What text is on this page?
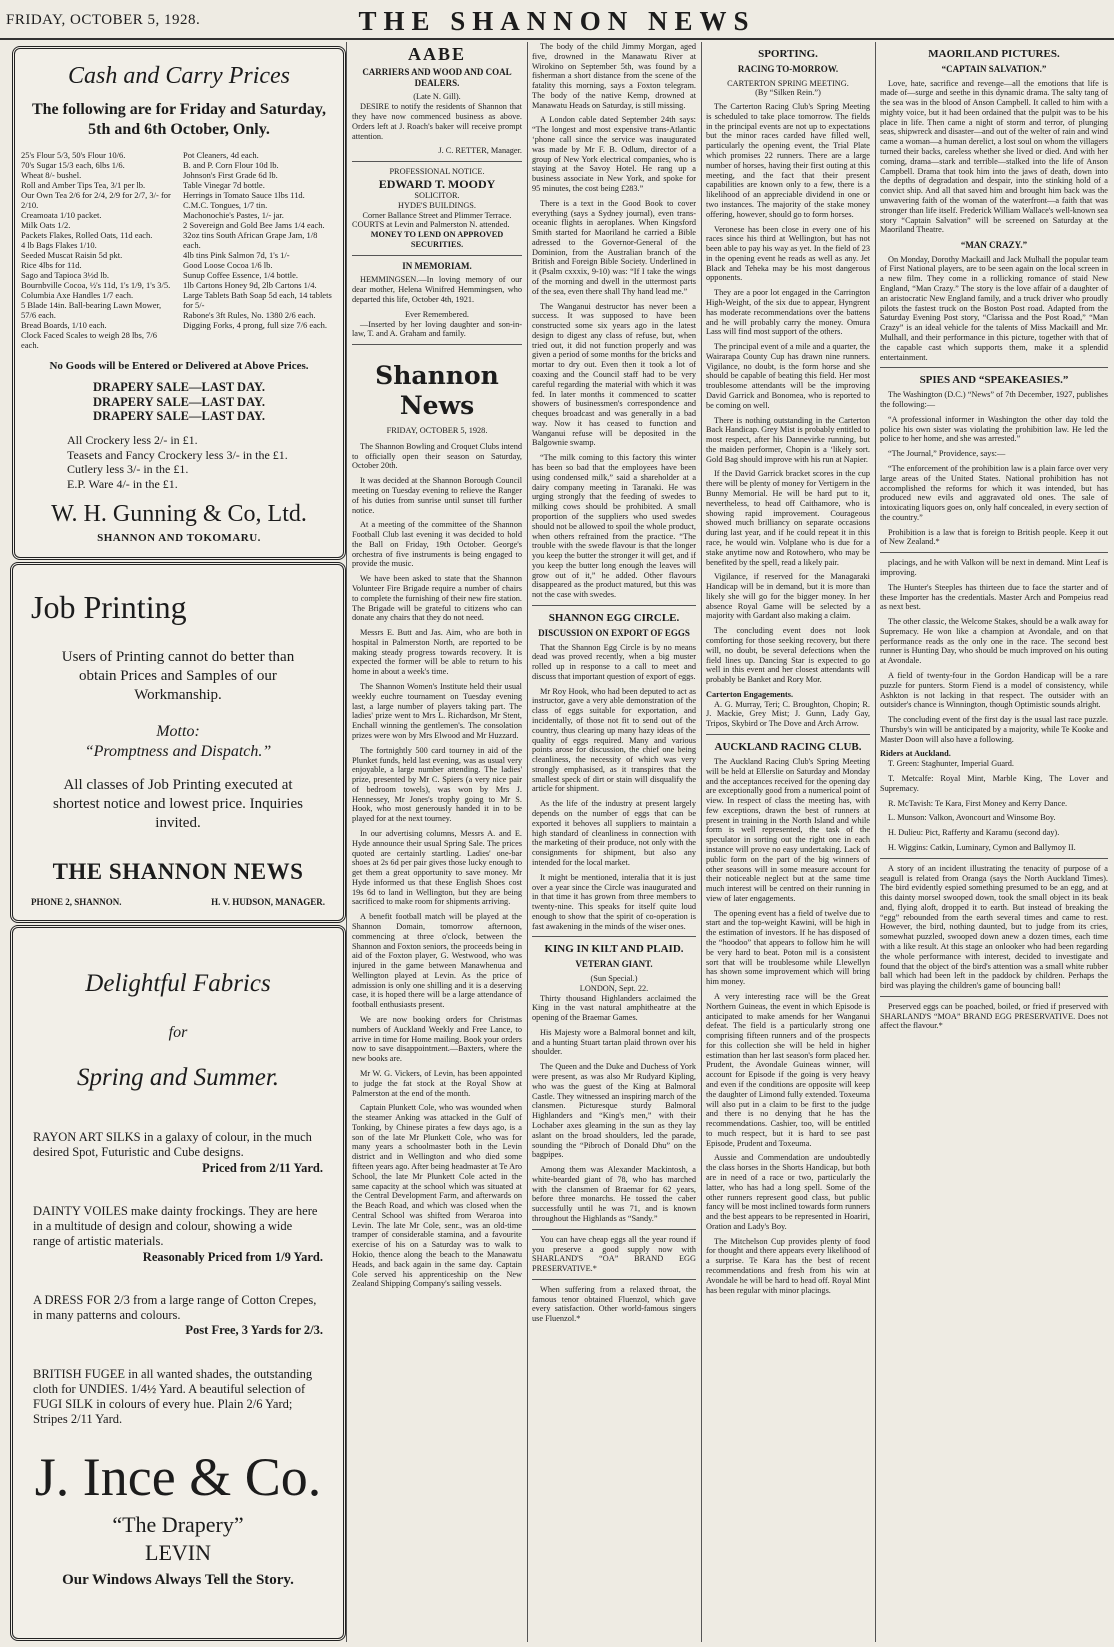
FRIDAY, OCTOBER 5, 1928.	THE SHANNON NEWS
Cash and Carry Prices
The following are for Friday and Saturday, 5th and 6th October, Only.
25's Flour 5/3, 50's Flour 10/6.
70's Sugar 15/3 each, 6lbs 1/6.
Wheat 8/- bushel.
Roll and Amber Tips Tea, 3/1 per lb.
Our Own Tea 2/6 for 2/4, 2/9 for 2/7, 3/- for 2/10.
Creamoata 1/10 packet.
Milk Oats 1/2.
Packets Flakes, Rolled Oats, 11d each.
4 lb Bags Flakes 1/10.
Seeded Muscat Raisin 5d pkt.
Rice 4lbs for 11d.
Sago and Tapioca 3½d lb.
Bournbville Cocoa, ½'s 11d, 1's 1/9, 1's 3/5.
Columbia Axe Handles 1/7 each.
5 Blade 14in. Ball-bearing Lawn Mower, 57/6 each.
Bread Boards, 1/10 each.
Clock Faced Scales to weigh 28 lbs, 7/6 each.
Pot Cleaners, 4d each.
B. and P. Corn Flour 10d lb.
Johnson's First Grade 6d lb.
Table Vinegar 7d bottle.
Herrings in Tomato Sauce 1lbs 11d.
C.M.C. Tongues, 1/7 tin.
Machonochie's Pastes, 1/- jar.
2 Sovereign and Gold Bee Jams 1/4 each.
32oz tins South African Grape Jam, 1/8 each.
4lb tins Pink Salmon 7d, 1's 1/-
Good Loose Cocoa 1/6 lb.
Sunup Coffee Essence, 1/4 bottle.
1lb Cartons Honey 9d, 2lb Cartons 1/4.
Large Tablets Bath Soap 5d each, 14 tablets for 5/-
Rabone's 3ft Rules, No. 1380 2/6 each.
Digging Forks, 4 prong, full size 7/6 each.
No Goods will be Entered or Delivered at Above Prices.
DRAPERY SALE—LAST DAY.
DRAPERY SALE—LAST DAY.
DRAPERY SALE—LAST DAY.
All Crockery less 2/- in £1.
Teasets and Fancy Crockery less 3/- in the £1.
Cutlery less 3/- in the £1.
E.P. Ware 4/- in the £1.
W. H. Gunning & Co, Ltd.
SHANNON AND TOKOMARU.
Job Printing
Users of Printing cannot do better than obtain Prices and Samples of our Workmanship.
Motto:
“Promptness and Dispatch.”
All classes of Job Printing executed at shortest notice and lowest price. Inquiries invited.
THE SHANNON NEWS
PHONE 2, SHANNON.	H. V. HUDSON, MANAGER.
Delightful Fabrics
for
Spring and Summer.
RAYON ART SILKS in a galaxy of colour, in the much desired Spot, Futuristic and Cube designs.
Priced from 2/11 Yard.
DAINTY VOILES make dainty frockings. They are here in a multitude of design and colour, showing a wide range of artistic materials.
Reasonably Priced from 1/9 Yard.
A DRESS FOR 2/3 from a large range of Cotton Crepes, in many patterns and colours.
Post Free, 3 Yards for 2/3.
BRITISH FUGEE in all wanted shades, the outstanding cloth for UNDIES. 1/4½ Yard. A beautiful selection of FUGI SILK in colours of every hue. Plain 2/6 Yard; Stripes 2/11 Yard.
J. Ince & Co.
“The Drapery”
LEVIN
Our Windows Always Tell the Story.
AABE
CARRIERS AND WOOD AND COAL DEALERS.
(Late N. Gill).

DESIRE to notify the residents of Shannon that they have now commenced business as above. Orders left at J. Roach's baker will receive prompt attention.

J. C. RETTER, Manager.
PROFESSIONAL NOTICE.
EDWARD T. MOODY
SOLICITOR.
HYDE'S BUILDINGS.
Corner Ballance Street and Plimmer Terrace.
COURTS at Levin and Palmerston N. attended.
MONEY TO LEND ON APPROVED SECURITIES.
IN MEMORIAM.

HEMMINGSEN.—In loving memory of our dear mother, Helena Winifred Hemmingsen, who departed this life, October 4th, 1921.

Ever Remembered.

—Inserted by her loving daughter and son-in-law, T. and A. Graham and family.

Shannon News
FRIDAY, OCTOBER 5, 1928.

The Shannon Bowling and Croquet Clubs intend to officially open their season on Saturday, October 20th.

It was decided at the Shannon Borough Council meeting on Tuesday evening to relieve the Ranger of his duties from sunrise until sunset till further notice.

At a meeting of the committee of the Shannon Football Club last evening it was decided to hold the Ball on Friday, 19th October. George's orchestra of five instruments is being engaged to provide the music.

We have been asked to state that the Shannon Volunteer Fire Brigade require a number of chairs to complete the furnishing of their new fire station. The Brigade will be grateful to citizens who can donate any chairs that they do not need.

Messrs E. Butt and Jas. Aim, who are both in hospital in Palmerston North, are reported to be making steady progress towards recovery. It is expected the former will be able to return to his home in about a week's time.

The Shannon Women's Institute held their usual weekly euchre tournament on Tuesday evening last, a large number of players taking part. The ladies' prize went to Mrs L. Richardson, Mr Stent, Enchall winning the gentlemen's. The consolation prizes were won by Mrs Elwood and Mr Huzzard.

The fortnightly 500 card tourney in aid of the Plunket funds, held last evening, was as usual very enjoyable, a large number attending. The ladies' prize, presented by Mr C. Spiers (a very nice pair of bedroom towels), was won by Mrs J. Hennessey, Mr Jones's trophy going to Mr S. Hook, who most generously handed it in to be played for at the next tourney.

In our advertising columns, Messrs A. and E. Hyde announce their usual Spring Sale. The prices quoted are certainly startling. Ladies' one-bar shoes at 2s 6d per pair gives those lucky enough to get them a great opportunity to save money. Mr Hyde informed us that these English Shoes cost 19s 6d to land in Wellington, but they are being sacrificed to make room for shipments arriving.

A benefit football match will be played at the Shannon Domain, tomorrow afternoon, commencing at three o'clock, between the Shannon and Foxton seniors, the proceeds being in aid of the Foxton player, G. Westwood, who was injured in the game between Manawhenua and Wellington played at Levin. As the price of admission is only one shilling and it is a deserving case, it is hoped there will be a large attendance of football enthusiasts present.

We are now booking orders for Christmas numbers of Auckland Weekly and Free Lance, to arrive in time for Home mailing. Book your orders now to save disappointment.—Baxters, where the new books are.

Mr W. G. Vickers, of Levin, has been appointed to judge the fat stock at the Royal Show at Palmerston at the end of the month.

Captain Plunkett Cole, who was wounded when the steamer Anking was attacked in the Gulf of Tonking, by Chinese pirates a few days ago, is a son of the late Mr Plunkett Cole, who was for many years a schoolmaster both in the Levin district and in Wellington and who died some fifteen years ago. After being headmaster at Te Aro School, the late Mr Plunkett Cole acted in the same capacity at the school which was situated at the Central Development Farm, and afterwards on the Beach Road, and which was closed when the Central School was shifted from Weraroa into Levin. The late Mr Cole, senr., was an old-time tramper of considerable stamina, and a favourite exercise of his on a Saturday was to walk to Hokio, thence along the beach to the Manawatu Heads, and back again in the same day. Captain Cole served his apprenticeship on the New Zealand Shipping Company's sailing vessels.

The body of the child Jimmy Morgan, aged five, drowned in the Manawatu River at Wirokino on September 5th, was found by a fisherman a short distance from the scene of the fatality this morning, says a Foxton telegram. The body of the native Kemp, drowned at Manawatu Heads on Saturday, is still missing.

A London cable dated September 24th says: “The longest and most expensive trans-Atlantic ‘phone call since the service was inaugurated was made by Mr F. B. Odlum, director of a group of New York electrical companies, who is staying at the Savoy Hotel. He rang up a business associate in New York, and spoke for 95 minutes, the cost being £283.”

There is a text in the Good Book to cover everything (says a Sydney journal), even trans-oceanic flights in aeroplanes. When Kingsford Smith started for Maoriland he carried a Bible adressed to the Governor-General of the Dominion, from the Australian branch of the British and Foreign Bible Society. Underlined in it (Psalm cxxxix, 9-10) was: “If I take the wings of the morning and dwell in the uttermost parts of the sea, even there shall Thy hand lead me.”

The Wanganui destructor has never been a success. It was supposed to have been constructed some six years ago in the latest design to digest any class of refuse, but, when tried out, it did not function properly and was given a period of some months for the bricks and mortar to dry out. Even then it took a lot of coaxing and the Council staff had to be very careful regarding the material with which it was fed. In later months it commenced to scatter showers of businessmen's correspondence and cheques broadcast and was generally in a bad way. Now it has ceased to function and Wanganui refuse will be deposited in the Balgownie swamp.

“The milk coming to this factory this winter has been so bad that the employees have been using condensed milk,” said a shareholder at a dairy company meeting in Taranaki. He was urging strongly that the feeding of swedes to milking cows should be prohibited. A small proportion of the suppliers who used swedes should not be allowed to spoil the whole product, when others refrained from the practice. “The trouble with the swede flavour is that the longer you keep the butter the stronger it will get, and if you keep the butter long enough the leaves will grow out of it,” he added. Other flavours disappeared as the product matured, but this was not the case with swedes.

SHANNON EGG CIRCLE.
DISCUSSION ON EXPORT OF EGGS

That the Shannon Egg Circle is by no means dead was proved recently, when a big muster rolled up in response to a call to meet and discuss that important question of export of eggs.

Mr Roy Hook, who had been deputed to act as instructor, gave a very able demonstration of the class of eggs suitable for exportation, and incidentally, of those not fit to send out of the country, thus clearing up many hazy ideas of the quality of eggs required. Many and various points arose for discussion, the chief one being cleanliness, the necessity of which was very strongly emphasised, as it transpires that the smallest speck of dirt or stain will disqualify the article for shipment.

As the life of the industry at present largely depends on the number of eggs that can be exported it behoves all suppliers to maintain a high standard of cleanliness in connection with the marketing of their produce, not only with the consignments for shipment, but also any intended for the local market.

It might be mentioned, interalia that it is just over a year since the Circle was inaugurated and in that time it has grown from three members to twenty-nine. This speaks for itself quite loud enough to show that the spirit of co-operation is fast awakening in the minds of the wiser ones.

KING IN KILT AND PLAID.
VETERAN GIANT.
(Sun Special.)
LONDON, Sept. 22.

Thirty thousand Highlanders acclaimed the King in the vast natural amphitheatre at the opening of the Braemar Games.

His Majesty wore a Balmoral bonnet and kilt, and a hunting Stuart tartan plaid thrown over his shoulder.

The Queen and the Duke and Duchess of York were present, as was also Mr Rudyard Kipling, who was the guest of the King at Balmoral Castle. They witnessed an inspiring march of the clansmen. Picturesque sturdy Balmoral Highlanders and “King's men,” with their Lochaber axes gleaming in the sun as they lay aslant on the broad shoulders, led the parade, sounding the “Pibroch of Donald Dhu” on the bagpipes.

Among them was Alexander Mackintosh, a white-bearded giant of 78, who has marched with the clansmen of Braemar for 62 years, before three monarchs. He tossed the caber successfully until he was 71, and is known throughout the Highlands as “Sandy.”

You can have cheap eggs all the year round if you preserve a good supply now with SHARLAND'S “OA” BRAND EGG PRESERVATIVE.*

When suffering from a relaxed throat, the famous tenor obtained Fluenzol, which gave every satisfaction. Other world-famous singers use Fluenzol.*

SPORTING.
RACING TO-MORROW.
CARTERTON SPRING MEETING.
(By “Silken Rein.”)

The Carterton Racing Club's Spring Meeting is scheduled to take place tomorrow. The fields in the principal events are not up to expectations but the minor races carded have filled well, particularly the opening event, the Trial Plate which promises 22 runners. There are a large number of horses, having their first outing at this meeting, and the fact that their present capabilities are known only to a few, there is a likelihood of an appreciable dividend in one or two instances. The majority of the stake money offering, however, should go to form horses.

Veronese has been close in every one of his races since his third at Wellington, but has not been able to pay his way as yet. In the field of 23 in the opening event he reads as well as any. Jet Black and Teheka may be his most dangerous opponents.

They are a poor lot engaged in the Carrington High-Weight, of the six due to appear, Hyngrent has moderate recommendations over the battens and he will probably carry the money. Omura Lass will find most support of the others.

The principal event of a mile and a quarter, the Wairarapa County Cup has drawn nine runners. Vigilance, no doubt, is the form horse and she should be capable of beating this field. Her most troublesome attendants will be the improving David Garrick and Bonomea, who is reported to be coming on well.

There is nothing outstanding in the Carterton Back Handicap. Grey Mist is probably entitled to most respect, after his Dannevirke running, but the maiden performer, Chopin is a ‘likely sort. Gold Bag should improve with his run at Napier.

If the David Garrick bracket scores in the cup there will be plenty of money for Vertigern in the Bunny Memorial. He will be hard put to it, nevertheless, to head off Caithamore, who is showing rapid improvement. Courageous showed much brilliancy on separate occasions during last year, and if he could repeat it in this race, he would win. Volplane who is due for a stake anytime now and Rotowhero, who may be benefited by the spell, read a likely pair.

Vigilance, if reserved for the Managaraki Handicap will be in demand, but it is more than likely she will go for the bigger money. In her absence Royal Game will be selected by a majority with Gardant also making a claim.

The concluding event does not look comforting for those seeking recovery, but there will, no doubt, be several defections when the field lines up. Dancing Star is expected to go well in this event and her closest attendants will probably be Banket and Rory Mor.

Carterton Engagements.

A. G. Murray, Teri; C. Broughton, Chopin; R. J. Mackie, Grey Mist; J. Gunn, Lady Gay, Tripos, Skybird or The Dove and Arch Arrow.

AUCKLAND RACING CLUB.

The Auckland Racing Club's Spring Meeting will be held at Ellerslie on Saturday and Monday and the acceptances received for the opening day are exceptionally good from a numerical point of view. In respect of class the meeting has, with few exceptions, drawn the best of runners at present in training in the North Island and while form is well represented, the task of the speculator in sorting out the right one in each instance will prove no easy undertaking. Lack of public form on the part of the big winners of other seasons will in some measure account for their noticeable neglect but at the same time much interest will be centred on their running in view of later engagements.

The opening event has a field of twelve due to start and the top-weight Kawini, will be high in the estimation of investors. If he has disposed of the “hoodoo” that appears to follow him he will be very hard to beat. Poton mil is a consistent sort that will be troublesome while Llewellyn has shown some improvement which will bring him money.

A very interesting race will be the Great Northern Guineas, the event in which Episode is anticipated to make amends for her Wanganui defeat. The field is a particularly strong one comprising fifteen runners and of the prospects for this collection she will be held in higher estimation than her last season's form placed her. Prudent, the Avondale Guineas winner, will account for Episode if the going is very heavy and even if the conditions are opposite will keep the daughter of Limond fully extended. Toxeuma will also put in a claim to be first to the judge and there is no denying that he has the recommendations. Cashier, too, will be entitled to much respect, but it is hard to see past Episode, Prudent and Toxeuma.

Aussie and Commendation are undoubtedly the class horses in the Shorts Handicap, but both are in need of a race or two, particularly the latter, who has had a long spell. Some of the other runners represent good class, but public fancy will be most inclined towards form runners and the best appears to be represented in Hoariri, Oration and Lady's Boy.

The Mitchelson Cup provides plenty of food for thought and there appears every likelihood of a surprise. Te Kara has the best of recent recommendations and fresh from his win at Avondale he will be hard to head off. Royal Mint has been regular with minor placings.

MAORILAND PICTURES.
“CAPTAIN SALVATION.”

Love, hate, sacrifice and revenge—all the emotions that life is made of—surge and seethe in this dynamic drama. The salty tang of the sea was in the blood of Anson Campbell. It called to him with a mighty voice, but it had been ordained that the pulpit was to be his place in life. Then came a night of storm and terror, of plunging seas, shipwreck and disaster—and out of the welter of rain and wind came a woman—a human derelict, a lost soul on whom the villagers turned their backs, careless whether she lived or died. And with her coming, drama—stark and terrible—stalked into the life of Anson Campbell. Drama that took him into the jaws of death, down into the depths of degradation and despair, into the stinking hold of a convict ship. And all that saved him and brought him back was the unwavering faith of the woman of the waterfront—a faith that was stronger than life itself. Frederick William Wallace's well-known sea story “Captain Salvation” will be screened on Saturday at the Maoriland Theatre.

“MAN CRAZY.”

On Monday, Dorothy Mackaill and Jack Mulhall the popular team of First National players, are to be seen again on the local screen in a new film. They come in a rollicking romance of staid New England, “Man Crazy.” The story is the love affair of a daughter of an aristocratic New England family, and a truck driver who proudly pilots the fastest truck on the Boston Post road. Adapted from the Saturday Evening Post story, “Clarissa and the Post Road,” “Man Crazy” is an ideal vehicle for the talents of Miss Mackaill and Mr. Mulhall, and their performance in this picture, together with that of the capable cast which supports them, make it a splendid entertainment.

SPIES AND “SPEAKEASIES.”

The Washington (D.C.) “News” of 7th December, 1927, publishes the following:—

“A professional informer in Washington the other day told the police his own sister was violating the prohibition law. He led the police to her home, and she was arrested.”

“The Journal,” Providence, says:—

“The enforcement of the prohibition law is a plain farce over very large areas of the United States. National prohibition has not accomplished the reforms for which it was intended, but has produced new evils and aggravated old ones. The sale of intoxicating liquors goes on, only half concealed, in every section of the country.”

Prohibition is a law that is foreign to British people. Keep it out of New Zealand.*

placings, and he with Valkon will be next in demand. Mint Leaf is improving.

The Hunter's Steeples has thirteen due to face the starter and of these Importer has the credentials. Master Arch and Pompeius read as next best.

The other classic, the Welcome Stakes, should be a walk away for Supremacy. He won like a champion at Avondale, and on that performance reads as the only one in the race. The second best runner is Hunting Day, who should be much improved on his outing at Avondale.

A field of twenty-four in the Gordon Handicap will be a rare puzzle for punters. Storm Fiend is a model of consistency, while Ashkton is not lacking in that respect. The outsider with an outsider's chance is Winnington, though Optimistic sounds alright.

The concluding event of the first day is the usual last race puzzle. Thursby's win will be anticipated by a majority, while Te Kooke and Master Doon will also have a following.

Riders at Auckland.

T. Green: Staghunter, Imperial Guard.

T. Metcalfe: Royal Mint, Marble King, The Lover and Supremacy.

R. McTavish: Te Kara, First Money and Kerry Dance.

L. Munson: Valkon, Avoncourt and Winsome Boy.

H. Dulieu: Pict, Rafferty and Karamu (second day).

H. Wiggins: Catkin, Luminary, Cymon and Ballymoy II.

A story of an incident illustrating the tenacity of purpose of a seagull is related from Oranga (says the North Auckland Times). The bird evidently espied something presumed to be an egg, and at this dainty morsel swooped down, took the small object in its beak and, flying aloft, dropped it to earth. But instead of breaking the “egg” rebounded from the earth several times and came to rest. However, the bird, nothing daunted, but to judge from its cries, somewhat puzzled, swooped down anew a dozen times, each time with a like result. At this stage an onlooker who had been regarding the whole performance with interest, decided to investigate and found that the object of the bird's attention was a small white rubber ball which had been left in the paddock by children. Perhaps the bird was playing the children's game of bouncing ball!

Preserved eggs can be poached, boiled, or fried if preserved with SHARLAND'S “MOA” BRAND EGG PRESERVATIVE. Does not affect the flavour.*
